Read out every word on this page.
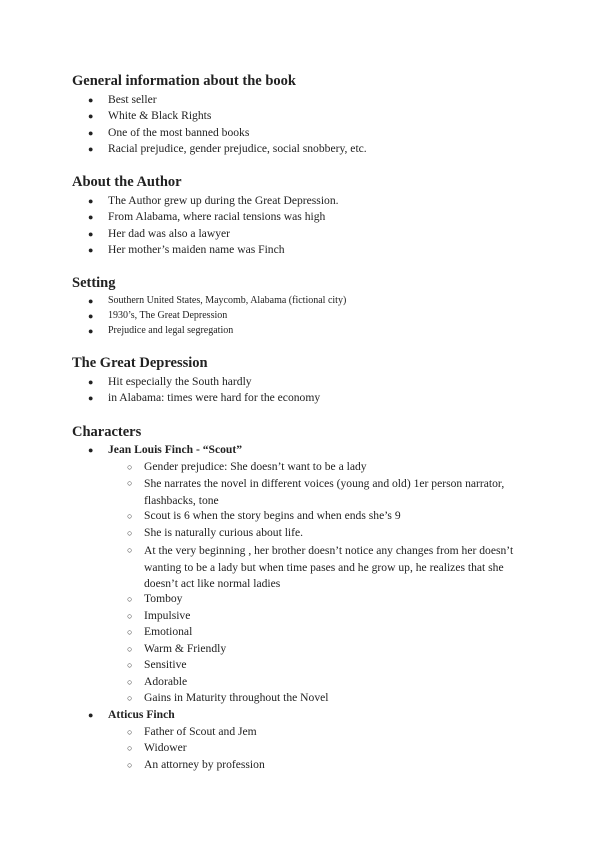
General information about the book
● Best seller
● White & Black Rights
● One of the most banned books
● Racial prejudice, gender prejudice, social snobbery, etc.
About the Author
● The Author grew up during the Great Depression.
● From Alabama, where racial tensions was high
● Her dad was also a lawyer
● Her mother’s maiden name was Finch
Setting
● Southern United States, Maycomb, Alabama (fictional city)
● 1930’s, The Great Depression
● Prejudice and legal segregation
The Great Depression
● Hit especially the South hardly
● in Alabama: times were hard for the economy
Characters
● Jean Louis Finch - “Scout”
○ Gender prejudice: She doesn’t want to be a lady
○ She narrates the novel in different voices (young and old) 1er person narrator, flashbacks, tone
○ Scout is 6 when the story begins and when ends she’s 9
○ She is naturally curious about life.
○ At the very beginning , her brother doesn’t notice any changes from her doesn’t wanting to be a lady but when time pases and he grow up, he realizes that she doesn’t act like normal ladies
○ Tomboy
○ Impulsive
○ Emotional
○ Warm & Friendly
○ Sensitive
○ Adorable
○ Gains in Maturity throughout the Novel
● Atticus Finch
○ Father of Scout and Jem
○ Widower
○ An attorney by profession
